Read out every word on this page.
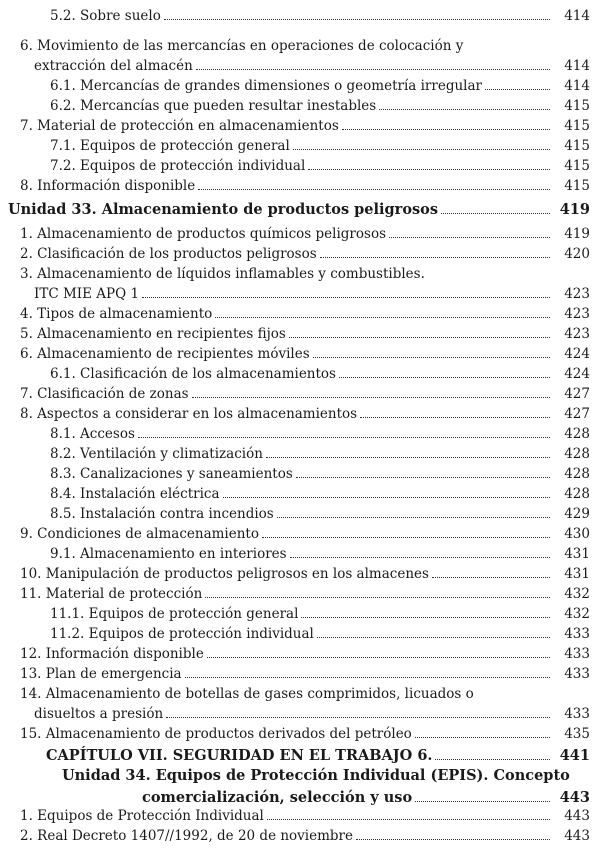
5.2. Sobre suelo	414
6. Movimiento de las mercancías en operaciones de colocación y
extracción del almacén	414
6.1. Mercancías de grandes dimensiones o geometría irregular	414
6.2. Mercancías que pueden resultar inestables	415
7. Material de protección en almacenamientos	415
7.1. Equipos de protección general	415
7.2. Equipos de protección individual	415
8. Información disponible	415
Unidad 33. Almacenamiento de productos peligrosos	419
1. Almacenamiento de productos químicos peligrosos	419
2. Clasificación de los productos peligrosos	420
3. Almacenamiento de líquidos inflamables y combustibles.
ITC MIE APQ 1	423
4. Tipos de almacenamiento	423
5. Almacenamiento en recipientes fijos	423
6. Almacenamiento de recipientes móviles	424
6.1. Clasificación de los almacenamientos	424
7. Clasificación de zonas	427
8. Aspectos a considerar en los almacenamientos	427
8.1. Accesos	428
8.2. Ventilación y climatización	428
8.3. Canalizaciones y saneamientos	428
8.4. Instalación eléctrica	428
8.5. Instalación contra incendios	429
9. Condiciones de almacenamiento	430
9.1. Almacenamiento en interiores	431
10. Manipulación de productos peligrosos en los almacenes	431
11. Material de protección	432
11.1. Equipos de protección general	432
11.2. Equipos de protección individual	433
12. Información disponible	433
13. Plan de emergencia	433
14. Almacenamiento de botellas de gases comprimidos, licuados o
disueltos a presión	433
15. Almacenamiento de productos derivados del petróleo	435
CAPÍTULO VII. SEGURIDAD EN EL TRABAJO 6.	441
Unidad 34. Equipos de Protección Individual (EPIS). Concepto
comercialización, selección y uso	443
1. Equipos de Protección Individual	443
2. Real Decreto 1407//1992, de 20 de noviembre	443
